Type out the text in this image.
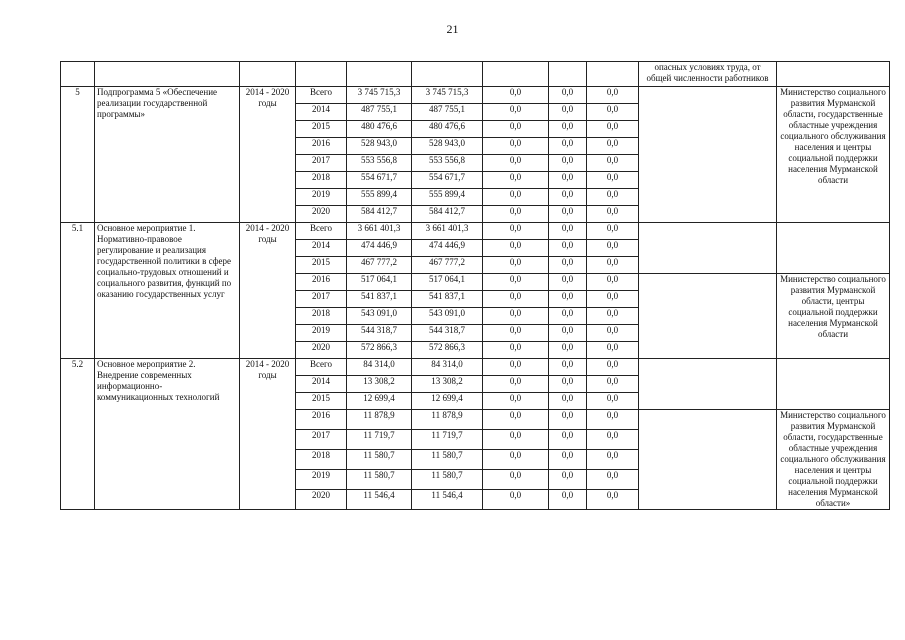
21
									опасных условиях труда, от общей численности работников	
5	Подпрограмма 5 «Обеспечение реализации государственной программы»	2014 - 2020 годы	Всего	3 745 715,3	3 745 715,3	0,0	0,0	0,0		Министерство социального развития Мурманской области, государственные областные учреждения социального обслуживания населения и центры социальной поддержки населения Мурманской области
			2014	487 755,1	487 755,1	0,0	0,0	0,0		
			2015	480 476,6	480 476,6	0,0	0,0	0,0		
			2016	528 943,0	528 943,0	0,0	0,0	0,0		
			2017	553 556,8	553 556,8	0,0	0,0	0,0		
			2018	554 671,7	554 671,7	0,0	0,0	0,0		
			2019	555 899,4	555 899,4	0,0	0,0	0,0		
			2020	584 412,7	584 412,7	0,0	0,0	0,0		
5.1	Основное мероприятие 1. Нормативно-правовое регулирование и реализация государственной политики в сфере социально-трудовых отношений и социального развития, функций по оказанию государственных услуг	2014 - 2020 годы	Всего	3 661 401,3	3 661 401,3	0,0	0,0	0,0		
			2014	474 446,9	474 446,9	0,0	0,0	0,0		
			2015	467 777,2	467 777,2	0,0	0,0	0,0		
			2016	517 064,1	517 064,1	0,0	0,0	0,0		Министерство социального развития Мурманской области, центры социальной поддержки населения Мурманской области
			2017	541 837,1	541 837,1	0,0	0,0	0,0		
			2018	543 091,0	543 091,0	0,0	0,0	0,0		
			2019	544 318,7	544 318,7	0,0	0,0	0,0		
			2020	572 866,3	572 866,3	0,0	0,0	0,0		
5.2	Основное мероприятие 2. Внедрение современных информационно-коммуникационных технологий	2014 - 2020 годы	Всего	84 314,0	84 314,0	0,0	0,0	0,0		
			2014	13 308,2	13 308,2	0,0	0,0	0,0		
			2015	12 699,4	12 699,4	0,0	0,0	0,0		
			2016	11 878,9	11 878,9	0,0	0,0	0,0		Министерство социального развития Мурманской области, государственные областные учреждения социального обслуживания населения и центры социальной поддержки населения Мурманской области»
			2017	11 719,7	11 719,7	0,0	0,0	0,0		
			2018	11 580,7	11 580,7	0,0	0,0	0,0		
			2019	11 580,7	11 580,7	0,0	0,0	0,0		
			2020	11 546,4	11 546,4	0,0	0,0	0,0		
